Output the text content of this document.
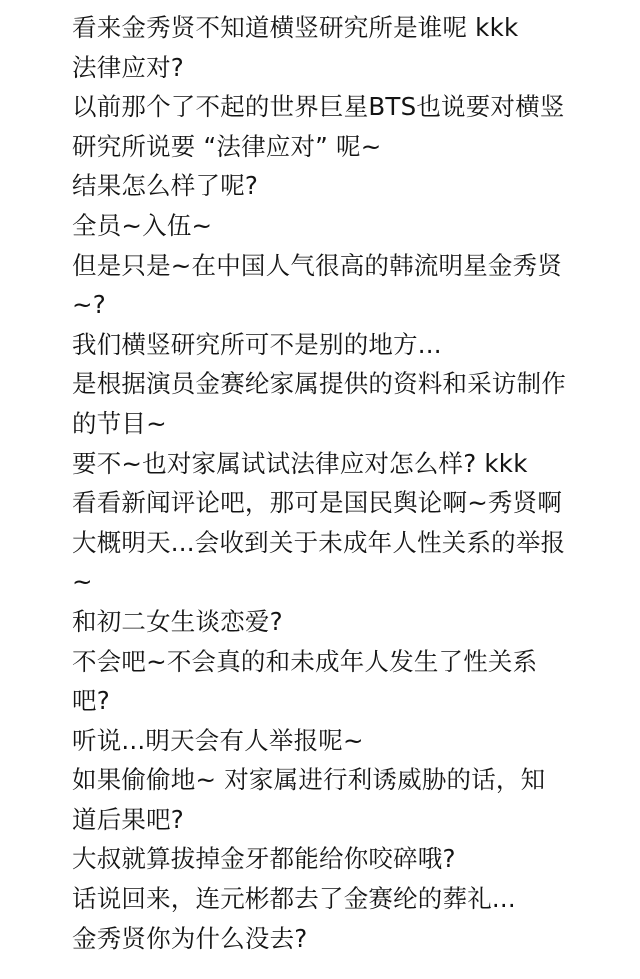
看来金秀贤不知道横竖研究所是谁呢 kkk
法律应对?
以前那个了不起的世界巨星BTS也说要对横竖
研究所说要 “法律应对” 呢~
结果怎么样了呢?
全员~入伍~
但是只是~在中国人气很高的韩流明星金秀贤
~?
我们横竖研究所可不是别的地方...
是根据演员金赛纶家属提供的资料和采访制作
的节目~
要不~也对家属试试法律应对怎么样? kkk
看看新闻评论吧，那可是国民舆论啊~秀贤啊
大概明天...会收到关于未成年人性关系的举报
~
和初二女生谈恋爱?
不会吧~不会真的和未成年人发生了性关系
吧?
听说...明天会有人举报呢~
如果偷偷地~ 对家属进行利诱威胁的话，知
道后果吧?
大叔就算拔掉金牙都能给你咬碎哦?
话说回来，连元彬都去了金赛纶的葬礼...
金秀贤你为什么没去?
